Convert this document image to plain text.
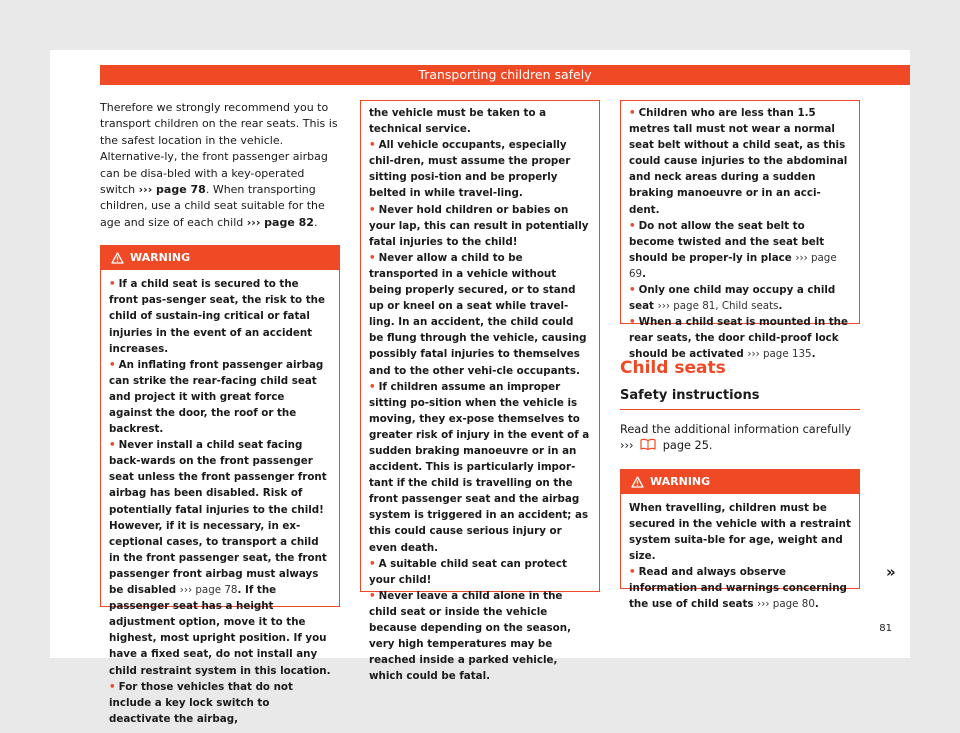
Transporting children safely

Therefore we strongly recommend you to transport children on the rear seats. This is the safest location in the vehicle. Alternative-ly, the front passenger airbag can be disa-bled with a key-operated switch ››› page 78. When transporting children, use a child seat suitable for the age and size of each child ››› page 82.

WARNING

• If a child seat is secured to the front pas-senger seat, the risk to the child of sustain-ing critical or fatal injuries in the event of an accident increases.

• An inflating front passenger airbag can strike the rear-facing child seat and project it with great force against the door, the roof or the backrest.

• Never install a child seat facing back-wards on the front passenger seat unless the front passenger front airbag has been disabled. Risk of potentially fatal injuries to the child! However, if it is necessary, in ex-ceptional cases, to transport a child in the front passenger seat, the front passenger front airbag must always be disabled ››› page 78. If the passenger seat has a height adjustment option, move it to the highest, most upright position. If you have a fixed seat, do not install any child restraint system in this location.

• For those vehicles that do not include a key lock switch to deactivate the airbag,

the vehicle must be taken to a technical service.

• All vehicle occupants, especially chil-dren, must assume the proper sitting posi-tion and be properly belted in while travel-ling.

• Never hold children or babies on your lap, this can result in potentially fatal injuries to the child!

• Never allow a child to be transported in a vehicle without being properly secured, or to stand up or kneel on a seat while travel-ling. In an accident, the child could be flung through the vehicle, causing possibly fatal injuries to themselves and to the other vehi-cle occupants.

• If children assume an improper sitting po-sition when the vehicle is moving, they ex-pose themselves to greater risk of injury in the event of a sudden braking manoeuvre or in an accident. This is particularly impor-tant if the child is travelling on the front passenger seat and the airbag system is triggered in an accident; as this could cause serious injury or even death.

• A suitable child seat can protect your child!

• Never leave a child alone in the child seat or inside the vehicle because depending on the season, very high temperatures may be reached inside a parked vehicle, which could be fatal.

• Children who are less than 1.5 metres tall must not wear a normal seat belt without a child seat, as this could cause injuries to the abdominal and neck areas during a sudden braking manoeuvre or in an acci-dent.

• Do not allow the seat belt to become twisted and the seat belt should be proper-ly in place ››› page 69.

• Only one child may occupy a child seat ››› page 81, Child seats.

• When a child seat is mounted in the rear seats, the door child-proof lock should be activated ››› page 135.

Child seats

Safety instructions

Read the additional information carefully
›››	page 25.

WARNING

When travelling, children must be secured in the vehicle with a restraint system suita-ble for age, weight and size.

• Read and always observe information and warnings concerning the use of child seats ››› page 80.

»
81
